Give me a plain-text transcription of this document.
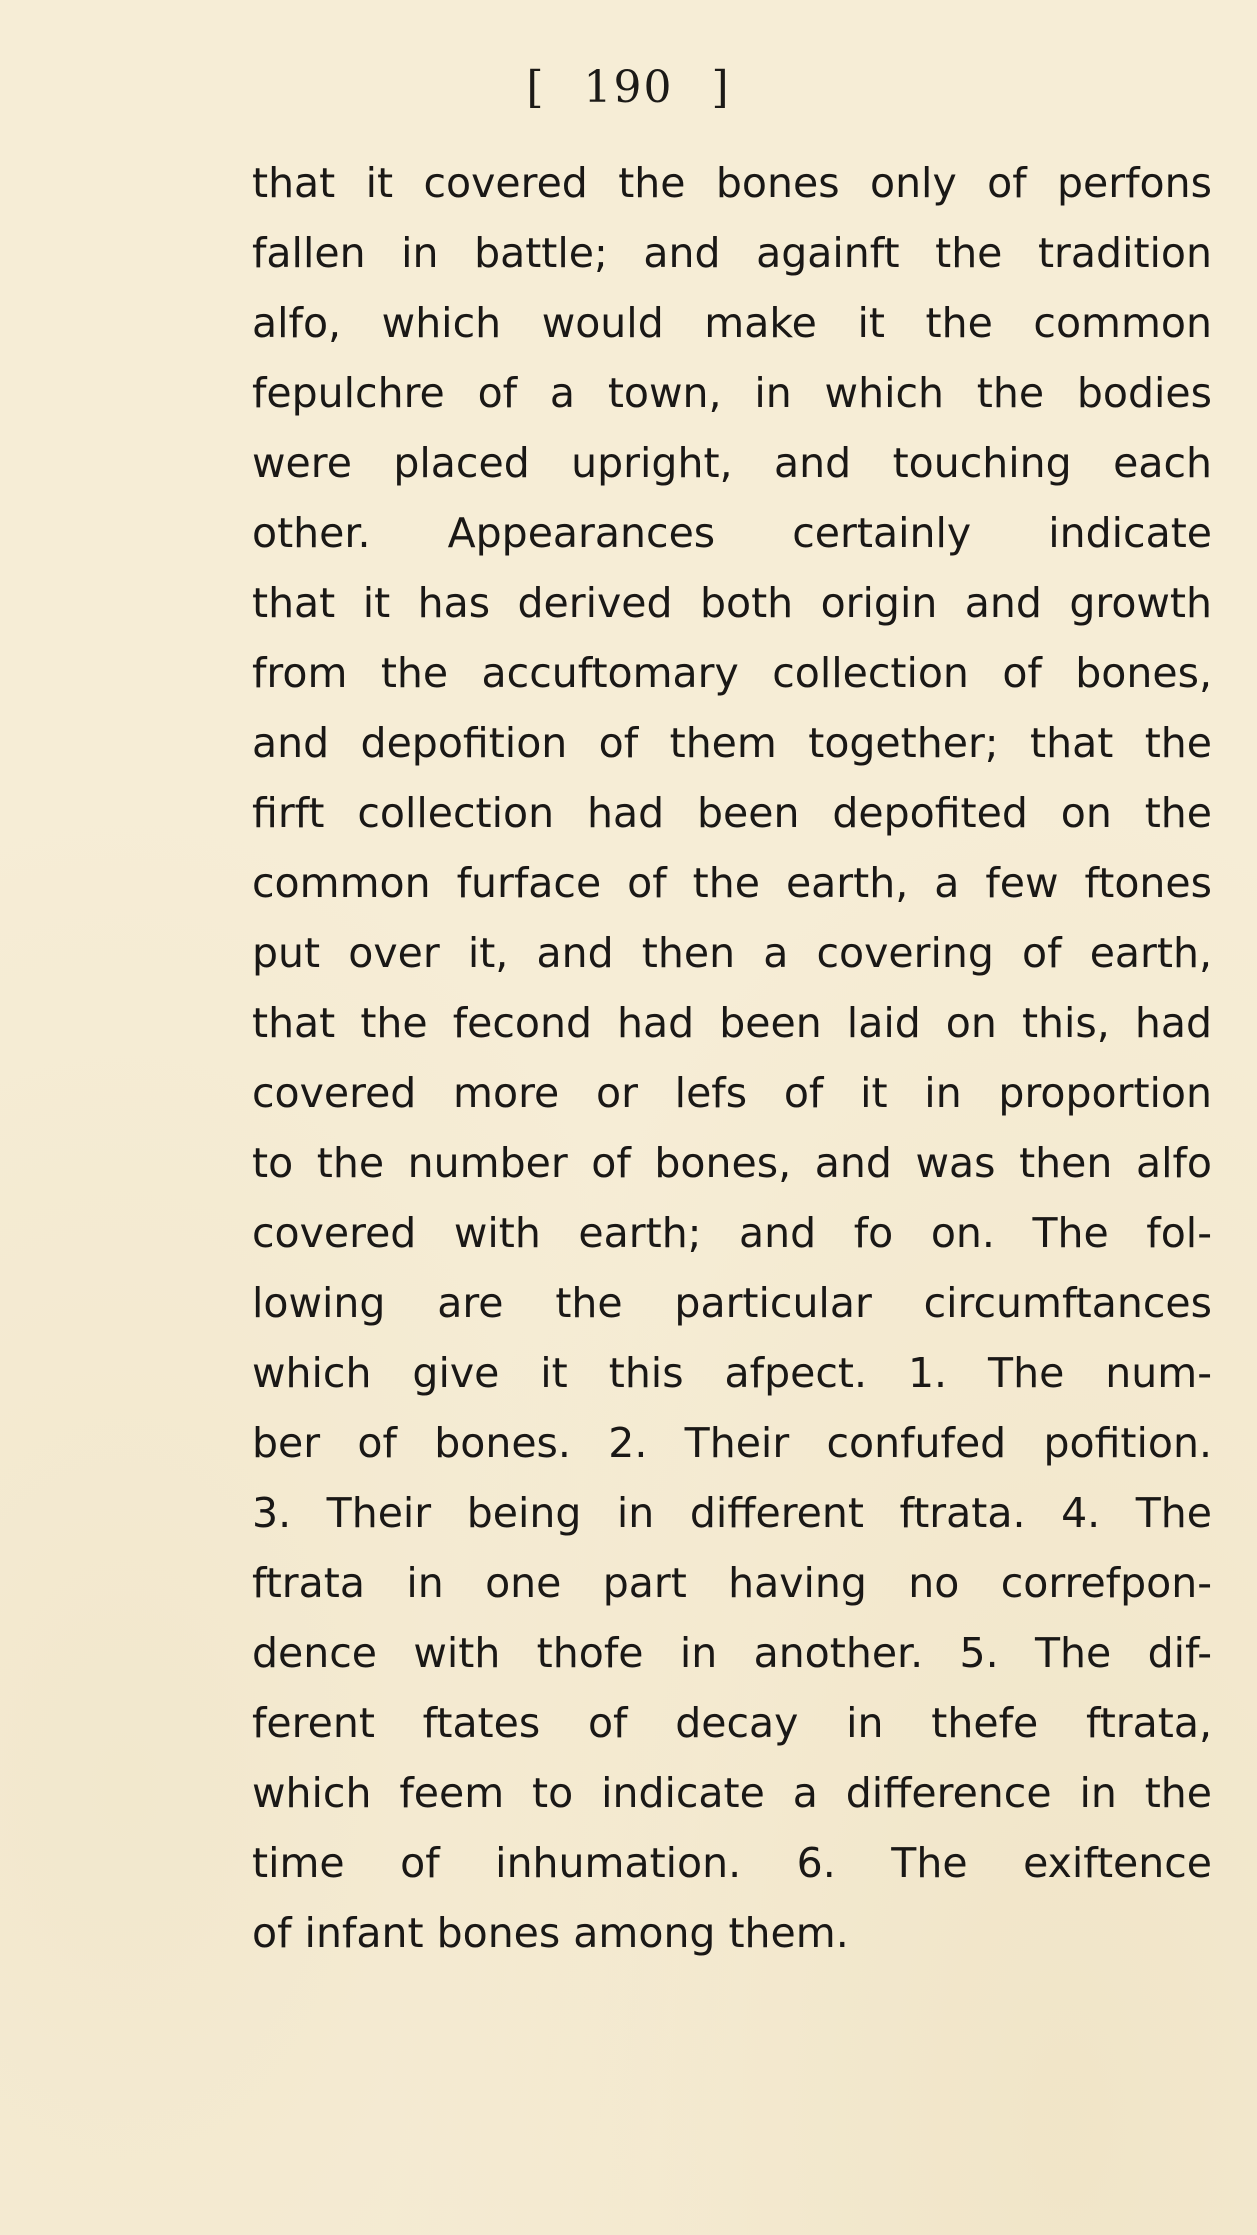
[ 190 ]
that it covered the bones only of perfons
fallen in battle; and againft the tradition
alfo, which would make it the common
fepulchre of a town, in which the bodies
were placed upright, and touching each
other. Appearances certainly indicate
that it has derived both origin and growth
from the accuftomary collection of bones,
and depofition of them together; that the
firft collection had been depofited on the
common furface of the earth, a few ftones
put over it, and then a covering of earth,
that the fecond had been laid on this, had
covered more or lefs of it in proportion
to the number of bones, and was then alfo
covered with earth; and fo on. The fol-
lowing are the particular circumftances
which give it this afpect. 1. The num-
ber of bones. 2. Their confufed pofition.
3. Their being in different ftrata. 4. The
ftrata in one part having no correfpon-
dence with thofe in another. 5. The dif-
ferent ftates of decay in thefe ftrata,
which feem to indicate a difference in the
time of inhumation. 6. The exiftence
of infant bones among them.
